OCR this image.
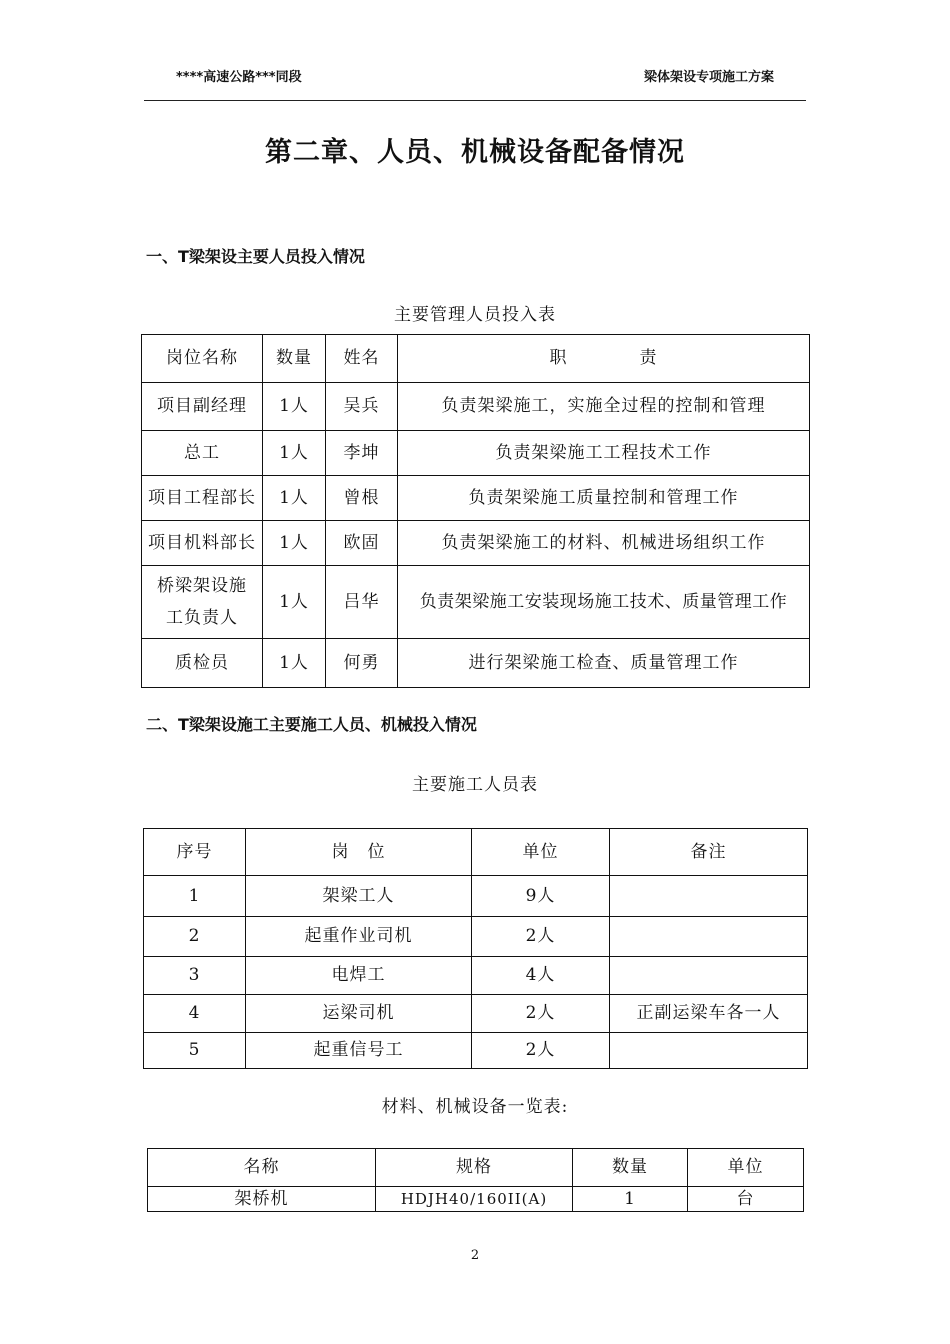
****高速公路***同段	梁体架设专项施工方案
第二章、人员、机械设备配备情况
一、T梁架设主要人员投入情况
主要管理人员投入表
岗位名称	数量	姓名	职　　　　责
项目副经理	1人	吴兵	负责架梁施工，实施全过程的控制和管理
总工	1人	李坤	负责架梁施工工程技术工作
项目工程部长	1人	曾根	负责架梁施工质量控制和管理工作
项目机料部长	1人	欧固	负责架梁施工的材料、机械进场组织工作
桥梁架设施工负责人	1人	吕华	负责架梁施工安装现场施工技术、质量管理工作
质检员	1人	何勇	进行架梁施工检查、质量管理工作
二、T梁架设施工主要施工人员、机械投入情况
主要施工人员表
序号	岗　位	单位	备注
1	架梁工人	9人	
2	起重作业司机	2人	
3	电焊工	4人	
4	运梁司机	2人	正副运梁车各一人
5	起重信号工	2人	
材料、机械设备一览表:
名称	规格	数量	单位
架桥机	HDJH40/160II(A)	1	台
2
